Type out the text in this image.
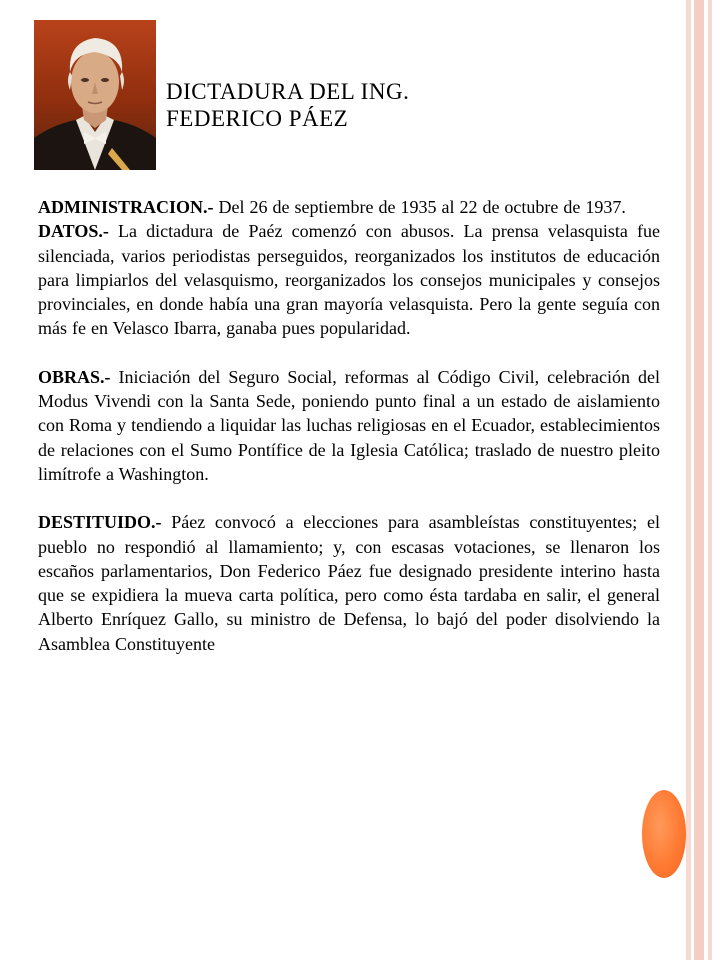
DICTADURA DEL ING.
FEDERICO PÁEZ

ADMINISTRACION.- Del 26 de septiembre de 1935 al 22 de octubre de 1937.

DATOS.- La dictadura de Paéz comenzó con abusos. La prensa velasquista fue silenciada, varios periodistas perseguidos, reorganizados los institutos de educación para limpiarlos del velasquismo, reorganizados los consejos municipales y consejos provinciales, en donde había una gran mayoría velasquista. Pero la gente seguía con más fe en Velasco Ibarra, ganaba pues popularidad.

OBRAS.- Iniciación del Seguro Social, reformas al Código Civil, celebración del Modus Vivendi con la Santa Sede, poniendo punto final a un estado de aislamiento con Roma y tendiendo a liquidar las luchas religiosas en el Ecuador, establecimientos de relaciones con el Sumo Pontífice de la Iglesia Católica; traslado de nuestro pleito limítrofe a Washington.

DESTITUIDO.- Páez convocó a elecciones para asambleístas constituyentes; el pueblo no respondió al llamamiento; y, con escasas votaciones, se llenaron los escaños parlamentarios, Don Federico Páez fue designado presidente interino hasta que se expidiera la mueva carta política, pero como ésta tardaba en salir, el general Alberto Enríquez Gallo, su ministro de Defensa, lo bajó del poder disolviendo la Asamblea Constituyente
